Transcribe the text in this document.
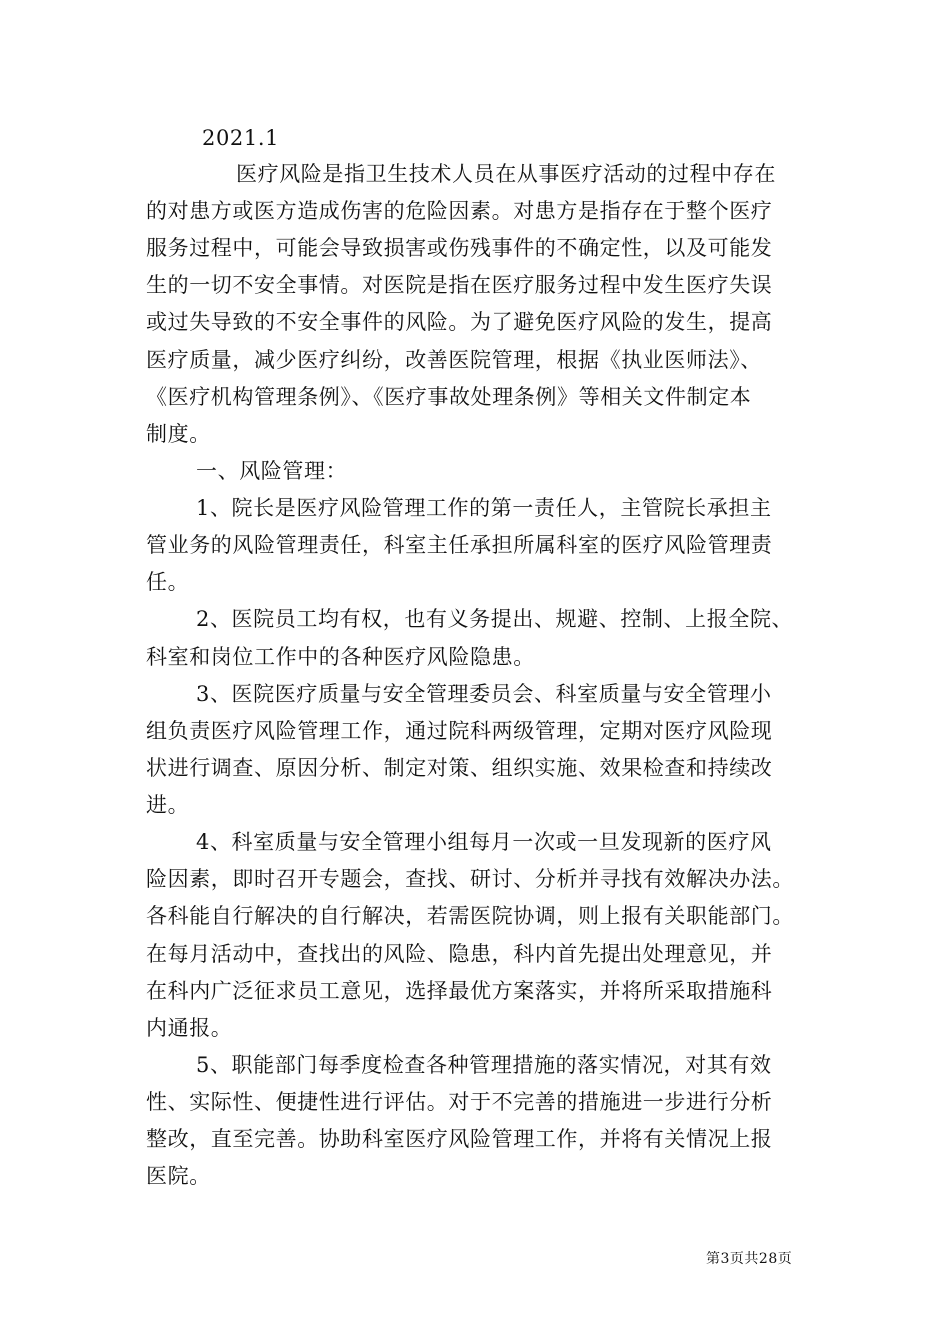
2021.1
医疗风险是指卫生技术人员在从事医疗活动的过程中存在
的对患方或医方造成伤害的危险因素。对患方是指存在于整个医疗
服务过程中，可能会导致损害或伤残事件的不确定性，以及可能发
生的一切不安全事情。对医院是指在医疗服务过程中发生医疗失误
或过失导致的不安全事件的风险。为了避免医疗风险的发生，提高
医疗质量，减少医疗纠纷，改善医院管理，根据《执业医师法》、
《医疗机构管理条例》、《医疗事故处理条例》等相关文件制定本
制度。
一、风险管理：
1、院长是医疗风险管理工作的第一责任人，主管院长承担主
管业务的风险管理责任，科室主任承担所属科室的医疗风险管理责
任。
2、医院员工均有权，也有义务提出、规避、控制、上报全院、
科室和岗位工作中的各种医疗风险隐患。
3、医院医疗质量与安全管理委员会、科室质量与安全管理小
组负责医疗风险管理工作，通过院科两级管理，定期对医疗风险现
状进行调查、原因分析、制定对策、组织实施、效果检查和持续改
进。
4、科室质量与安全管理小组每月一次或一旦发现新的医疗风
险因素，即时召开专题会，查找、研讨、分析并寻找有效解决办法。
各科能自行解决的自行解决，若需医院协调，则上报有关职能部门。
在每月活动中，查找出的风险、隐患，科内首先提出处理意见，并
在科内广泛征求员工意见，选择最优方案落实，并将所采取措施科
内通报。
5、职能部门每季度检查各种管理措施的落实情况，对其有效
性、实际性、便捷性进行评估。对于不完善的措施进一步进行分析
整改，直至完善。协助科室医疗风险管理工作，并将有关情况上报
医院。
第3页共28页
